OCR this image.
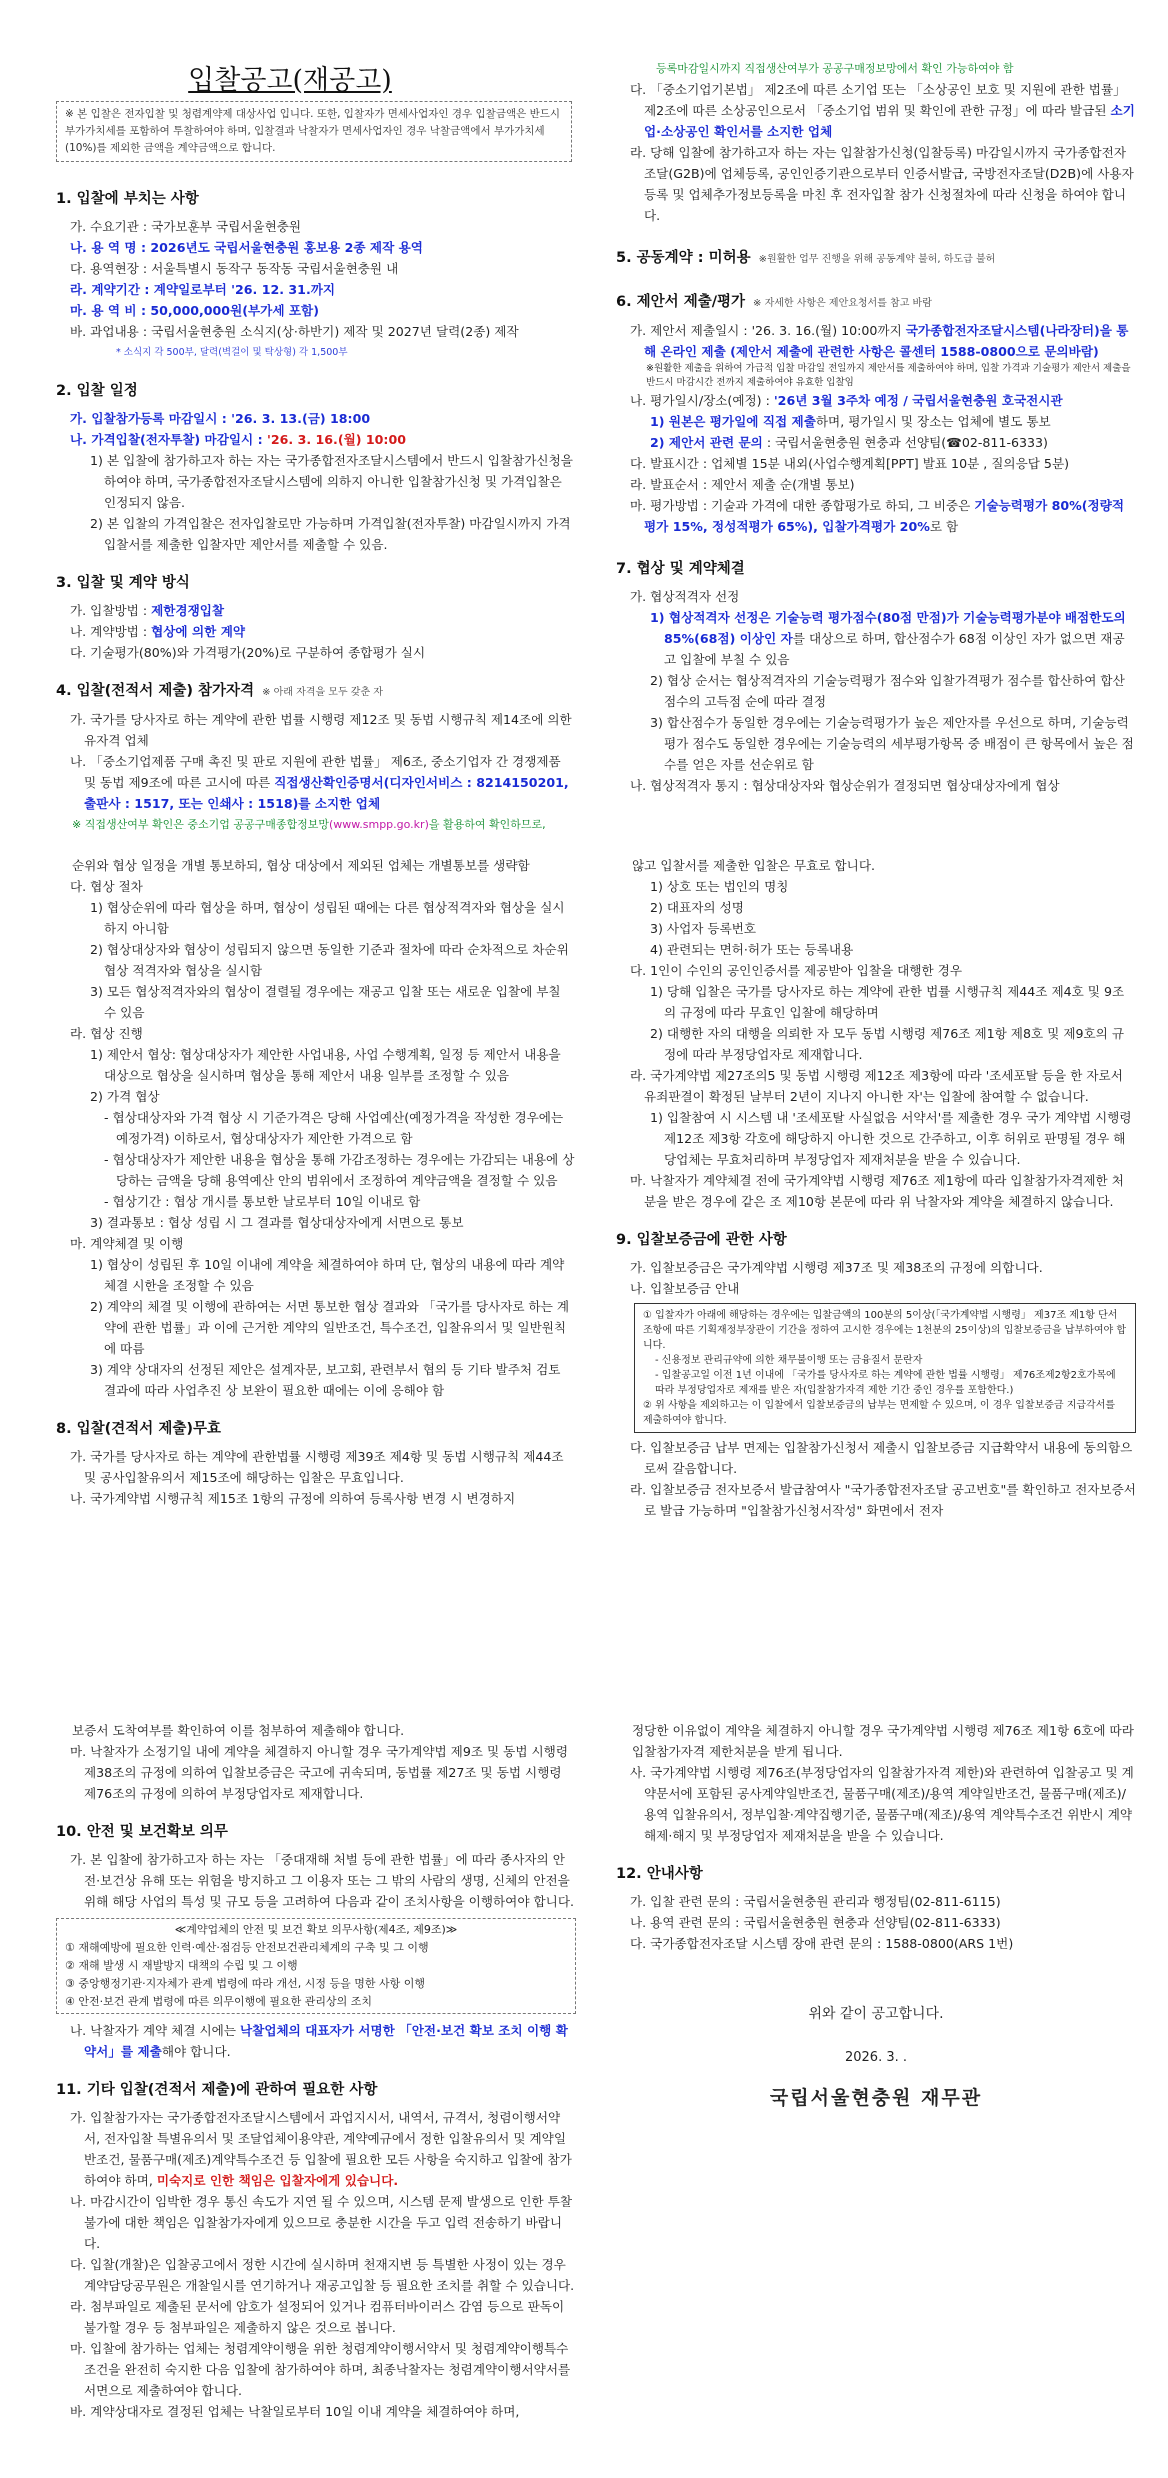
입찰공고(재공고)
※ 본 입찰은 전자입찰 및 청렴계약제 대상사업 입니다. 또한, 입찰자가 면세사업자인 경우 입찰금액은 반드시 부가가치세를 포함하여 투찰하여야 하며, 입찰결과 낙찰자가 면세사업자인 경우 낙찰금액에서 부가가치세(10%)를 제외한 금액을 계약금액으로 합니다.
1. 입찰에 부치는 사항
가. 수요기관 : 국가보훈부 국립서울현충원
나. 용 역 명 : 2026년도 국립서울현충원 홍보용 2종 제작 용역
다. 용역현장 : 서울특별시 동작구 동작동 국립서울현충원 내
라. 계약기간 : 계약일로부터 '26. 12. 31.까지
마. 용 역 비 : 50,000,000원(부가세 포함)
바. 과업내용 : 국립서울현충원 소식지(상·하반기) 제작 및 2027년 달력(2종) 제작
* 소식지 각 500부, 달력(벽걸이 및 탁상형) 각 1,500부
2. 입찰 일정
가. 입찰참가등록 마감일시 : '26. 3. 13.(금) 18:00
나. 가격입찰(전자투찰) 마감일시 : '26. 3. 16.(월) 10:00
1) 본 입찰에 참가하고자 하는 자는 국가종합전자조달시스템에서 반드시 입찰참가신청을 하여야 하며, 국가종합전자조달시스템에 의하지 아니한 입찰참가신청 및 가격입찰은 인정되지 않음.
2) 본 입찰의 가격입찰은 전자입찰로만 가능하며 가격입찰(전자투찰) 마감일시까지 가격입찰서를 제출한 입찰자만 제안서를 제출할 수 있음.
3. 입찰 및 계약 방식
가. 입찰방법 : 제한경쟁입찰
나. 계약방법 : 협상에 의한 계약
다. 기술평가(80%)와 가격평가(20%)로 구분하여 종합평가 실시
4. 입찰(전적서 제출) 참가자격 ※ 아래 자격을 모두 갖춘 자
가. 국가를 당사자로 하는 계약에 관한 법률 시행령 제12조 및 동법 시행규칙 제14조에 의한 유자격 업체
나. 「중소기업제품 구매 촉진 및 판로 지원에 관한 법률」 제6조, 중소기업자 간 경쟁제품 및 동법 제9조에 따른 고시에 따른 직접생산확인증명서(디자인서비스 : 8214150201, 출판사 : 1517, 또는 인쇄사 : 1518)를 소지한 업체
※ 직접생산여부 확인은 중소기업 공공구매종합정보망(www.smpp.go.kr)을 활용하여 확인하므로,
등록마감일시까지 직접생산여부가 공공구매정보망에서 확인 가능하여야 함
다. 「중소기업기본법」 제2조에 따른 소기업 또는 「소상공인 보호 및 지원에 관한 법률」 제2조에 따른 소상공인으로서 「중소기업 범위 및 확인에 관한 규정」에 따라 발급된 소기업·소상공인 확인서를 소지한 업체
라. 당해 입찰에 참가하고자 하는 자는 입찰참가신청(입찰등록) 마감일시까지 국가종합전자조달(G2B)에 업체등록, 공인인증기관으로부터 인증서발급, 국방전자조달(D2B)에 사용자 등록 및 업체추가정보등록을 마친 후 전자입찰 참가 신청절차에 따라 신청을 하여야 합니다.
5. 공동계약 : 미허용 ※원활한 업무 진행을 위해 공동계약 불허, 하도급 불허
6. 제안서 제출/평가 ※ 자세한 사항은 제안요청서를 참고 바람
가. 제안서 제출일시 : '26. 3. 16.(월) 10:00까지 국가종합전자조달시스템(나라장터)을 통해 온라인 제출 (제안서 제출에 관련한 사항은 콜센터 1588-0800으로 문의바람)
※원활한 제출을 위하여 가급적 입찰 마감일 전일까지 제안서를 제출하여야 하며, 입찰 가격과 기술평가 제안서 제출을 반드시 마감시간 전까지 제출하여야 유효한 입찰임
나. 평가일시/장소(예정) : '26년 3월 3주차 예정 / 국립서울현충원 호국전시관
1) 원본은 평가일에 직접 제출하며, 평가일시 및 장소는 업체에 별도 통보
2) 제안서 관련 문의 : 국립서울현충원 현충과 선양팀(☎02-811-6333)
다. 발표시간 : 업체별 15분 내외(사업수행계획[PPT] 발표 10분 , 질의응답 5분)
라. 발표순서 : 제안서 제출 순(개별 통보)
마. 평가방법 : 기술과 가격에 대한 종합평가로 하되, 그 비중은 기술능력평가 80%(정량적평가 15%, 정성적평가 65%), 입찰가격평가 20%로 함
7. 협상 및 계약체결
가. 협상적격자 선정
1) 협상적격자 선정은 기술능력 평가점수(80점 만점)가 기술능력평가분야 배점한도의 85%(68점) 이상인 자를 대상으로 하며, 합산점수가 68점 이상인 자가 없으면 재공고 입찰에 부칠 수 있음
2) 협상 순서는 협상적격자의 기술능력평가 점수와 입찰가격평가 점수를 합산하여 합산점수의 고득점 순에 따라 결정
3) 합산점수가 동일한 경우에는 기술능력평가가 높은 제안자를 우선으로 하며, 기술능력평가 점수도 동일한 경우에는 기술능력의 세부평가항목 중 배점이 큰 항목에서 높은 점수를 얻은 자를 선순위로 함
나. 협상적격자 통지 : 협상대상자와 협상순위가 결정되면 협상대상자에게 협상
순위와 협상 일정을 개별 통보하되, 협상 대상에서 제외된 업체는 개별통보를 생략함
다. 협상 절차
1) 협상순위에 따라 협상을 하며, 협상이 성립된 때에는 다른 협상적격자와 협상을 실시하지 아니함
2) 협상대상자와 협상이 성립되지 않으면 동일한 기준과 절차에 따라 순차적으로 차순위협상 적격자와 협상을 실시함
3) 모든 협상적격자와의 협상이 결렬될 경우에는 재공고 입찰 또는 새로운 입찰에 부칠 수 있음
라. 협상 진행
1) 제안서 협상: 협상대상자가 제안한 사업내용, 사업 수행계획, 일정 등 제안서 내용을 대상으로 협상을 실시하며 협상을 통해 제안서 내용 일부를 조정할 수 있음
2) 가격 협상
- 협상대상자와 가격 협상 시 기준가격은 당해 사업예산(예정가격을 작성한 경우에는 예정가격) 이하로서, 협상대상자가 제안한 가격으로 함
- 협상대상자가 제안한 내용을 협상을 통해 가감조정하는 경우에는 가감되는 내용에 상당하는 금액을 당해 용역예산 안의 범위에서 조정하여 계약금액을 결정할 수 있음
- 협상기간 : 협상 개시를 통보한 날로부터 10일 이내로 함
3) 결과통보 : 협상 성립 시 그 결과를 협상대상자에게 서면으로 통보
마. 계약체결 및 이행
1) 협상이 성립된 후 10일 이내에 계약을 체결하여야 하며 단, 협상의 내용에 따라 계약체결 시한을 조정할 수 있음
2) 계약의 체결 및 이행에 관하여는 서면 통보한 협상 결과와 「국가를 당사자로 하는 계약에 관한 법률」과 이에 근거한 계약의 일반조건, 특수조건, 입찰유의서 및 일반원칙에 따름
3) 계약 상대자의 선정된 제안은 설계자문, 보고회, 관련부서 협의 등 기타 발주처 검토 결과에 따라 사업추진 상 보완이 필요한 때에는 이에 응해야 함
8. 입찰(견적서 제출)무효
가. 국가를 당사자로 하는 계약에 관한법률 시행령 제39조 제4항 및 동법 시행규칙 제44조 및 공사입찰유의서 제15조에 해당하는 입찰은 무효입니다.
나. 국가계약법 시행규칙 제15조 1항의 규정에 의하여 등록사항 변경 시 변경하지
않고 입찰서를 제출한 입찰은 무효로 합니다.
1) 상호 또는 법인의 명칭
2) 대표자의 성명
3) 사업자 등록번호
4) 관련되는 면허·허가 또는 등록내용
다. 1인이 수인의 공인인증서를 제공받아 입찰을 대행한 경우
1) 당해 입찰은 국가를 당사자로 하는 계약에 관한 법률 시행규칙 제44조 제4호 및 9조의 규정에 따라 무효인 입찰에 해당하며
2) 대행한 자의 대행을 의뢰한 자 모두 동법 시행령 제76조 제1항 제8호 및 제9호의 규정에 따라 부정당업자로 제재합니다.
라. 국가계약법 제27조의5 및 동법 시행령 제12조 제3항에 따라 '조세포탈 등을 한 자로서 유죄판결이 확정된 날부터 2년이 지나지 아니한 자'는 입찰에 참여할 수 없습니다.
1) 입찰참여 시 시스템 내 '조세포탈 사실없음 서약서'를 제출한 경우 국가 계약법 시행령 제12조 제3항 각호에 해당하지 아니한 것으로 간주하고, 이후 허위로 판명될 경우 해당업체는 무효처리하며 부정당업자 제재처분을 받을 수 있습니다.
마. 낙찰자가 계약체결 전에 국가계약법 시행령 제76조 제1항에 따라 입찰참가자격제한 처분을 받은 경우에 같은 조 제10항 본문에 따라 위 낙찰자와 계약을 체결하지 않습니다.
9. 입찰보증금에 관한 사항
가. 입찰보증금은 국가계약법 시행령 제37조 및 제38조의 규정에 의합니다.
나. 입찰보증금 안내
① 입찰자가 아래에 해당하는 경우에는 입찰금액의 100분의 5이상(「국가계약법 시행령」 제37조 제1항 단서조항에 따른 기획재정부장관이 기간을 정하여 고시한 경우에는 1천분의 25이상)의 입찰보증금을 납부하여야 합니다.
- 신용정보 관리규약에 의한 채무불이행 또는 금융질서 문란자
- 입찰공고일 이전 1년 이내에 「국가를 당사자로 하는 계약에 관한 법률 시행령」 제76조제2항2호가목에 따라 부정당업자로 제재를 받은 자(입찰참가자격 제한 기간 중인 경우를 포함한다.)
② 위 사항을 제외하고는 이 입찰에서 입찰보증금의 납부는 면제할 수 있으며, 이 경우 입찰보증금 지급각서를 제출하여야 합니다.
다. 입찰보증금 납부 면제는 입찰참가신청서 제출시 입찰보증금 지급확약서 내용에 동의함으로써 갈음합니다.
라. 입찰보증금 전자보증서 발급참여사 "국가종합전자조달 공고번호"를 확인하고 전자보증서로 발급 가능하며 "입찰참가신청서작성" 화면에서 전자
보증서 도착여부를 확인하여 이를 첨부하여 제출해야 합니다.
마. 낙찰자가 소정기일 내에 계약을 체결하지 아니할 경우 국가계약법 제9조 및 동법 시행령 제38조의 규정에 의하여 입찰보증금은 국고에 귀속되며, 동법률 제27조 및 동법 시행령 제76조의 규정에 의하여 부정당업자로 제재합니다.
10. 안전 및 보건확보 의무
가. 본 입찰에 참가하고자 하는 자는 「중대재해 처벌 등에 관한 법률」에 따라 종사자의 안전·보건상 유해 또는 위험을 방지하고 그 이용자 또는 그 밖의 사람의 생명, 신체의 안전을 위해 해당 사업의 특성 및 규모 등을 고려하여 다음과 같이 조치사항을 이행하여야 합니다.
≪계약업체의 안전 및 보건 확보 의무사항(제4조, 제9조)≫
① 재해예방에 필요한 인력·예산·점검등 안전보건관리체계의 구축 및 그 이행
② 재해 발생 시 재발방지 대책의 수립 및 그 이행
③ 중앙행정기관·지자체가 관계 법령에 따라 개선, 시정 등을 명한 사항 이행
④ 안전·보건 관계 법령에 따른 의무이행에 필요한 관리상의 조치
나. 낙찰자가 계약 체결 시에는 낙찰업체의 대표자가 서명한 「안전·보건 확보 조치 이행 확약서」를 제출해야 합니다.
11. 기타 입찰(견적서 제출)에 관하여 필요한 사항
가. 입찰참가자는 국가종합전자조달시스템에서 과업지시서, 내역서, 규격서, 청렴이행서약서, 전자입찰 특별유의서 및 조달업체이용약관, 계약예규에서 정한 입찰유의서 및 계약일반조건, 물품구매(제조)계약특수조건 등 입찰에 필요한 모든 사항을 숙지하고 입찰에 참가하여야 하며, 미숙지로 인한 책임은 입찰자에게 있습니다.
나. 마감시간이 임박한 경우 통신 속도가 지연 될 수 있으며, 시스템 문제 발생으로 인한 투찰불가에 대한 책임은 입찰참가자에게 있으므로 충분한 시간을 두고 입력 전송하기 바랍니다.
다. 입찰(개찰)은 입찰공고에서 정한 시간에 실시하며 천재지변 등 특별한 사정이 있는 경우 계약담당공무원은 개찰일시를 연기하거나 재공고입찰 등 필요한 조치를 취할 수 있습니다.
라. 첨부파일로 제출된 문서에 암호가 설정되어 있거나 컴퓨터바이러스 감염 등으로 판독이 불가할 경우 등 첨부파일은 제출하지 않은 것으로 봅니다.
마. 입찰에 참가하는 업체는 청렴계약이행을 위한 청렴계약이행서약서 및 청렴계약이행특수조건을 완전히 숙지한 다음 입찰에 참가하여야 하며, 최종낙찰자는 청렴계약이행서약서를 서면으로 제출하여야 합니다.
바. 계약상대자로 결정된 업체는 낙찰일로부터 10일 이내 계약을 체결하여야 하며,
정당한 이유없이 계약을 체결하지 아니할 경우 국가계약법 시행령 제76조 제1항 6호에 따라 입찰참가자격 제한처분을 받게 됩니다.
사. 국가계약법 시행령 제76조(부정당업자의 입찰참가자격 제한)와 관련하여 입찰공고 및 계약문서에 포함된 공사계약일반조건, 물품구매(제조)/용역 계약일반조건, 물품구매(제조)/용역 입찰유의서, 정부입찰·계약집행기준, 물품구매(제조)/용역 계약특수조건 위반시 계약해제·해지 및 부정당업자 제재처분을 받을 수 있습니다.
12. 안내사항
가. 입찰 관련 문의 : 국립서울현충원 관리과 행정팀(02-811-6115)
나. 용역 관련 문의 : 국립서울현충원 현충과 선양팀(02-811-6333)
다. 국가종합전자조달 시스템 장애 관련 문의 : 1588-0800(ARS 1번)
위와 같이 공고합니다.
2026. 3. .
국립서울현충원 재무관
